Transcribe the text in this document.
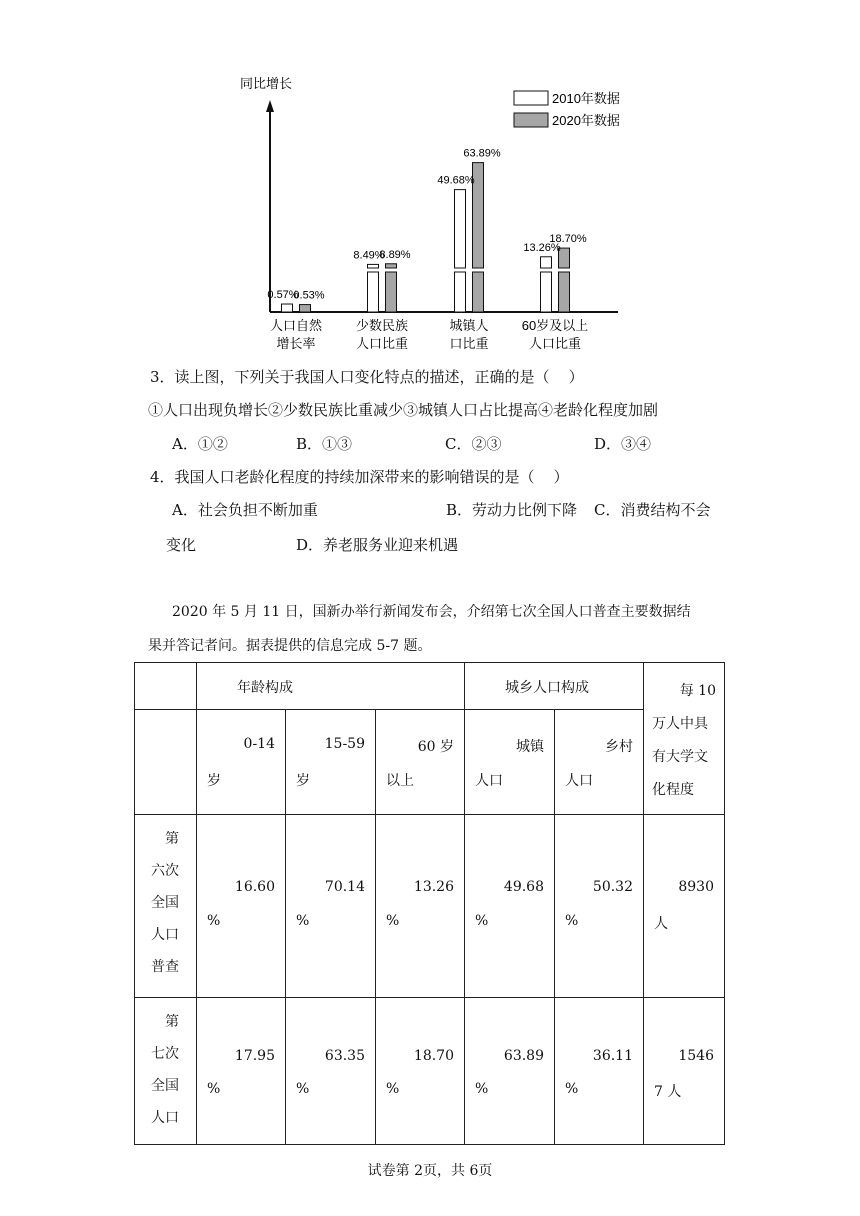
同比增长
0.57%
0.53%
8.49%
8.89%
49.68%
63.89%
13.26%
18.70%
人口自然
增长率
少数民族
人口比重
城镇人
口比重
60岁及以上
人口比重
2010年数据
2020年数据
3．读上图，下列关于我国人口变化特点的描述，正确的是（    ）
①人口出现负增长②少数民族比重减少③城镇人口占比提高④老龄化程度加剧
A．①②	B．①③	C．②③	D．③④
4．我国人口老龄化程度的持续加深带来的影响错误的是（    ）
A．社会负担不断加重	B．劳动力比例下降 C．消费结构不会
变化	D．养老服务业迎来机遇
2020 年 5 月 11 日，国新办举行新闻发布会，介绍第七次全国人口普查主要数据结
果并答记者问。据表提供的信息完成 5-7 题。

	年龄构成			城乡人口构成		每 10
万人中具
有大学文
化程度

	0-14
岁	15-59
岁	60 岁
以上	城镇
人口	乡村
人口	

第
六次
全国
人口
普查	16.60
%	70.14
%	13.26
%	49.68
%	50.32
%	8930
人

第
七次
全国
人口	17.95
%	63.35
%	18.70
%	63.89
%	36.11
%	1546
7 人
试卷第 2页，共 6页
